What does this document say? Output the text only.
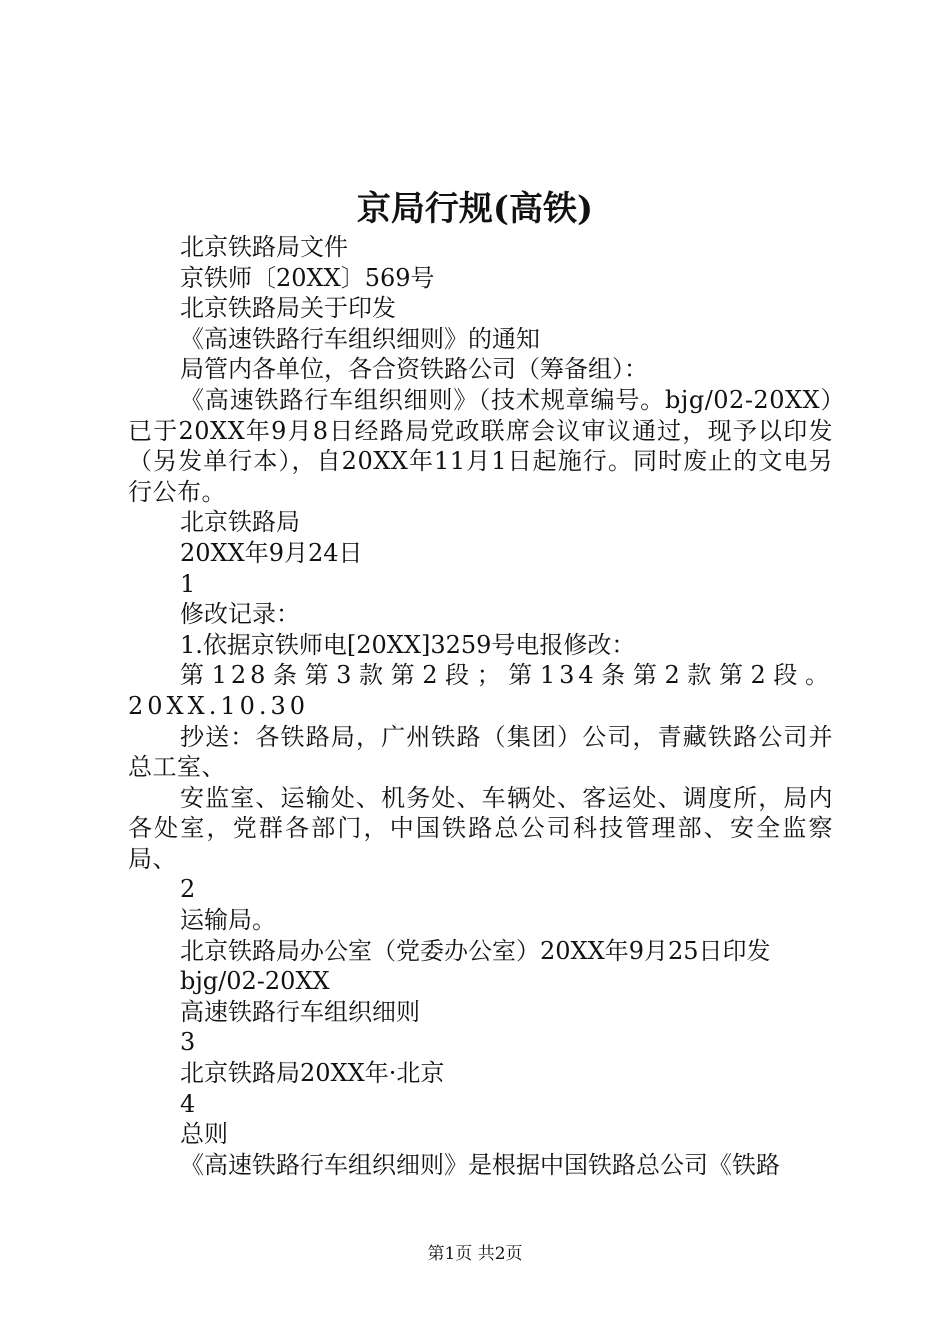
京局行规(高铁)

北京铁路局文件

京铁师〔20XX〕569号

北京铁路局关于印发

《高速铁路行车组织细则》的通知

局管内各单位，各合资铁路公司（筹备组）：

《高速铁路行车组织细则》（技术规章编号。bjg/02-20XX）已于20XX年9月8日经路局党政联席会议审议通过，现予以印发（另发单行本），自20XX年11月1日起施行。同时废止的文电另行公布。

北京铁路局

20XX年9月24日

1

修改记录：

1.依据京铁师电[20XX]3259号电报修改：

第128条第3款第2段；第134条第2款第2段。20XX.10.30

抄送：各铁路局，广州铁路（集团）公司，青藏铁路公司并总工室、

安监室、运输处、机务处、车辆处、客运处、调度所，局内各处室，党群各部门，中国铁路总公司科技管理部、安全监察局、

2

运输局。

北京铁路局办公室（党委办公室）20XX年9月25日印发

bjg/02-20XX

高速铁路行车组织细则

3

北京铁路局20XX年·北京

4

总则

《高速铁路行车组织细则》是根据中国铁路总公司《铁路

第1页 共2页
